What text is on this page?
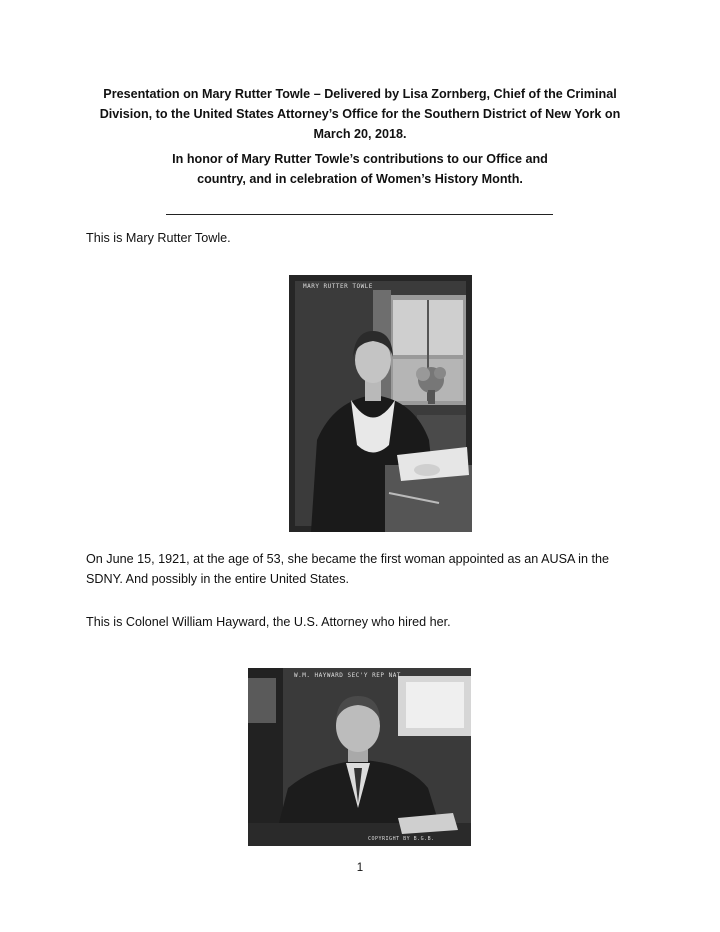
Presentation on Mary Rutter Towle – Delivered by Lisa Zornberg, Chief of the Criminal
Division, to the United States Attorney’s Office for the Southern District of New York on
March 20, 2018.
In honor of Mary Rutter Towle’s contributions to our Office and
country, and in celebration of Women’s History Month.
This is Mary Rutter Towle.
MARY RUTTER TOWLE
On June 15, 1921, at the age of 53, she became the first woman appointed as an AUSA in the
SDNY. And possibly in the entire United States.
This is Colonel William Hayward, the U.S. Attorney who hired her.
W.M. HAYWARD SEC'Y REP NAT
COPYRIGHT BY B.G.B.
1
